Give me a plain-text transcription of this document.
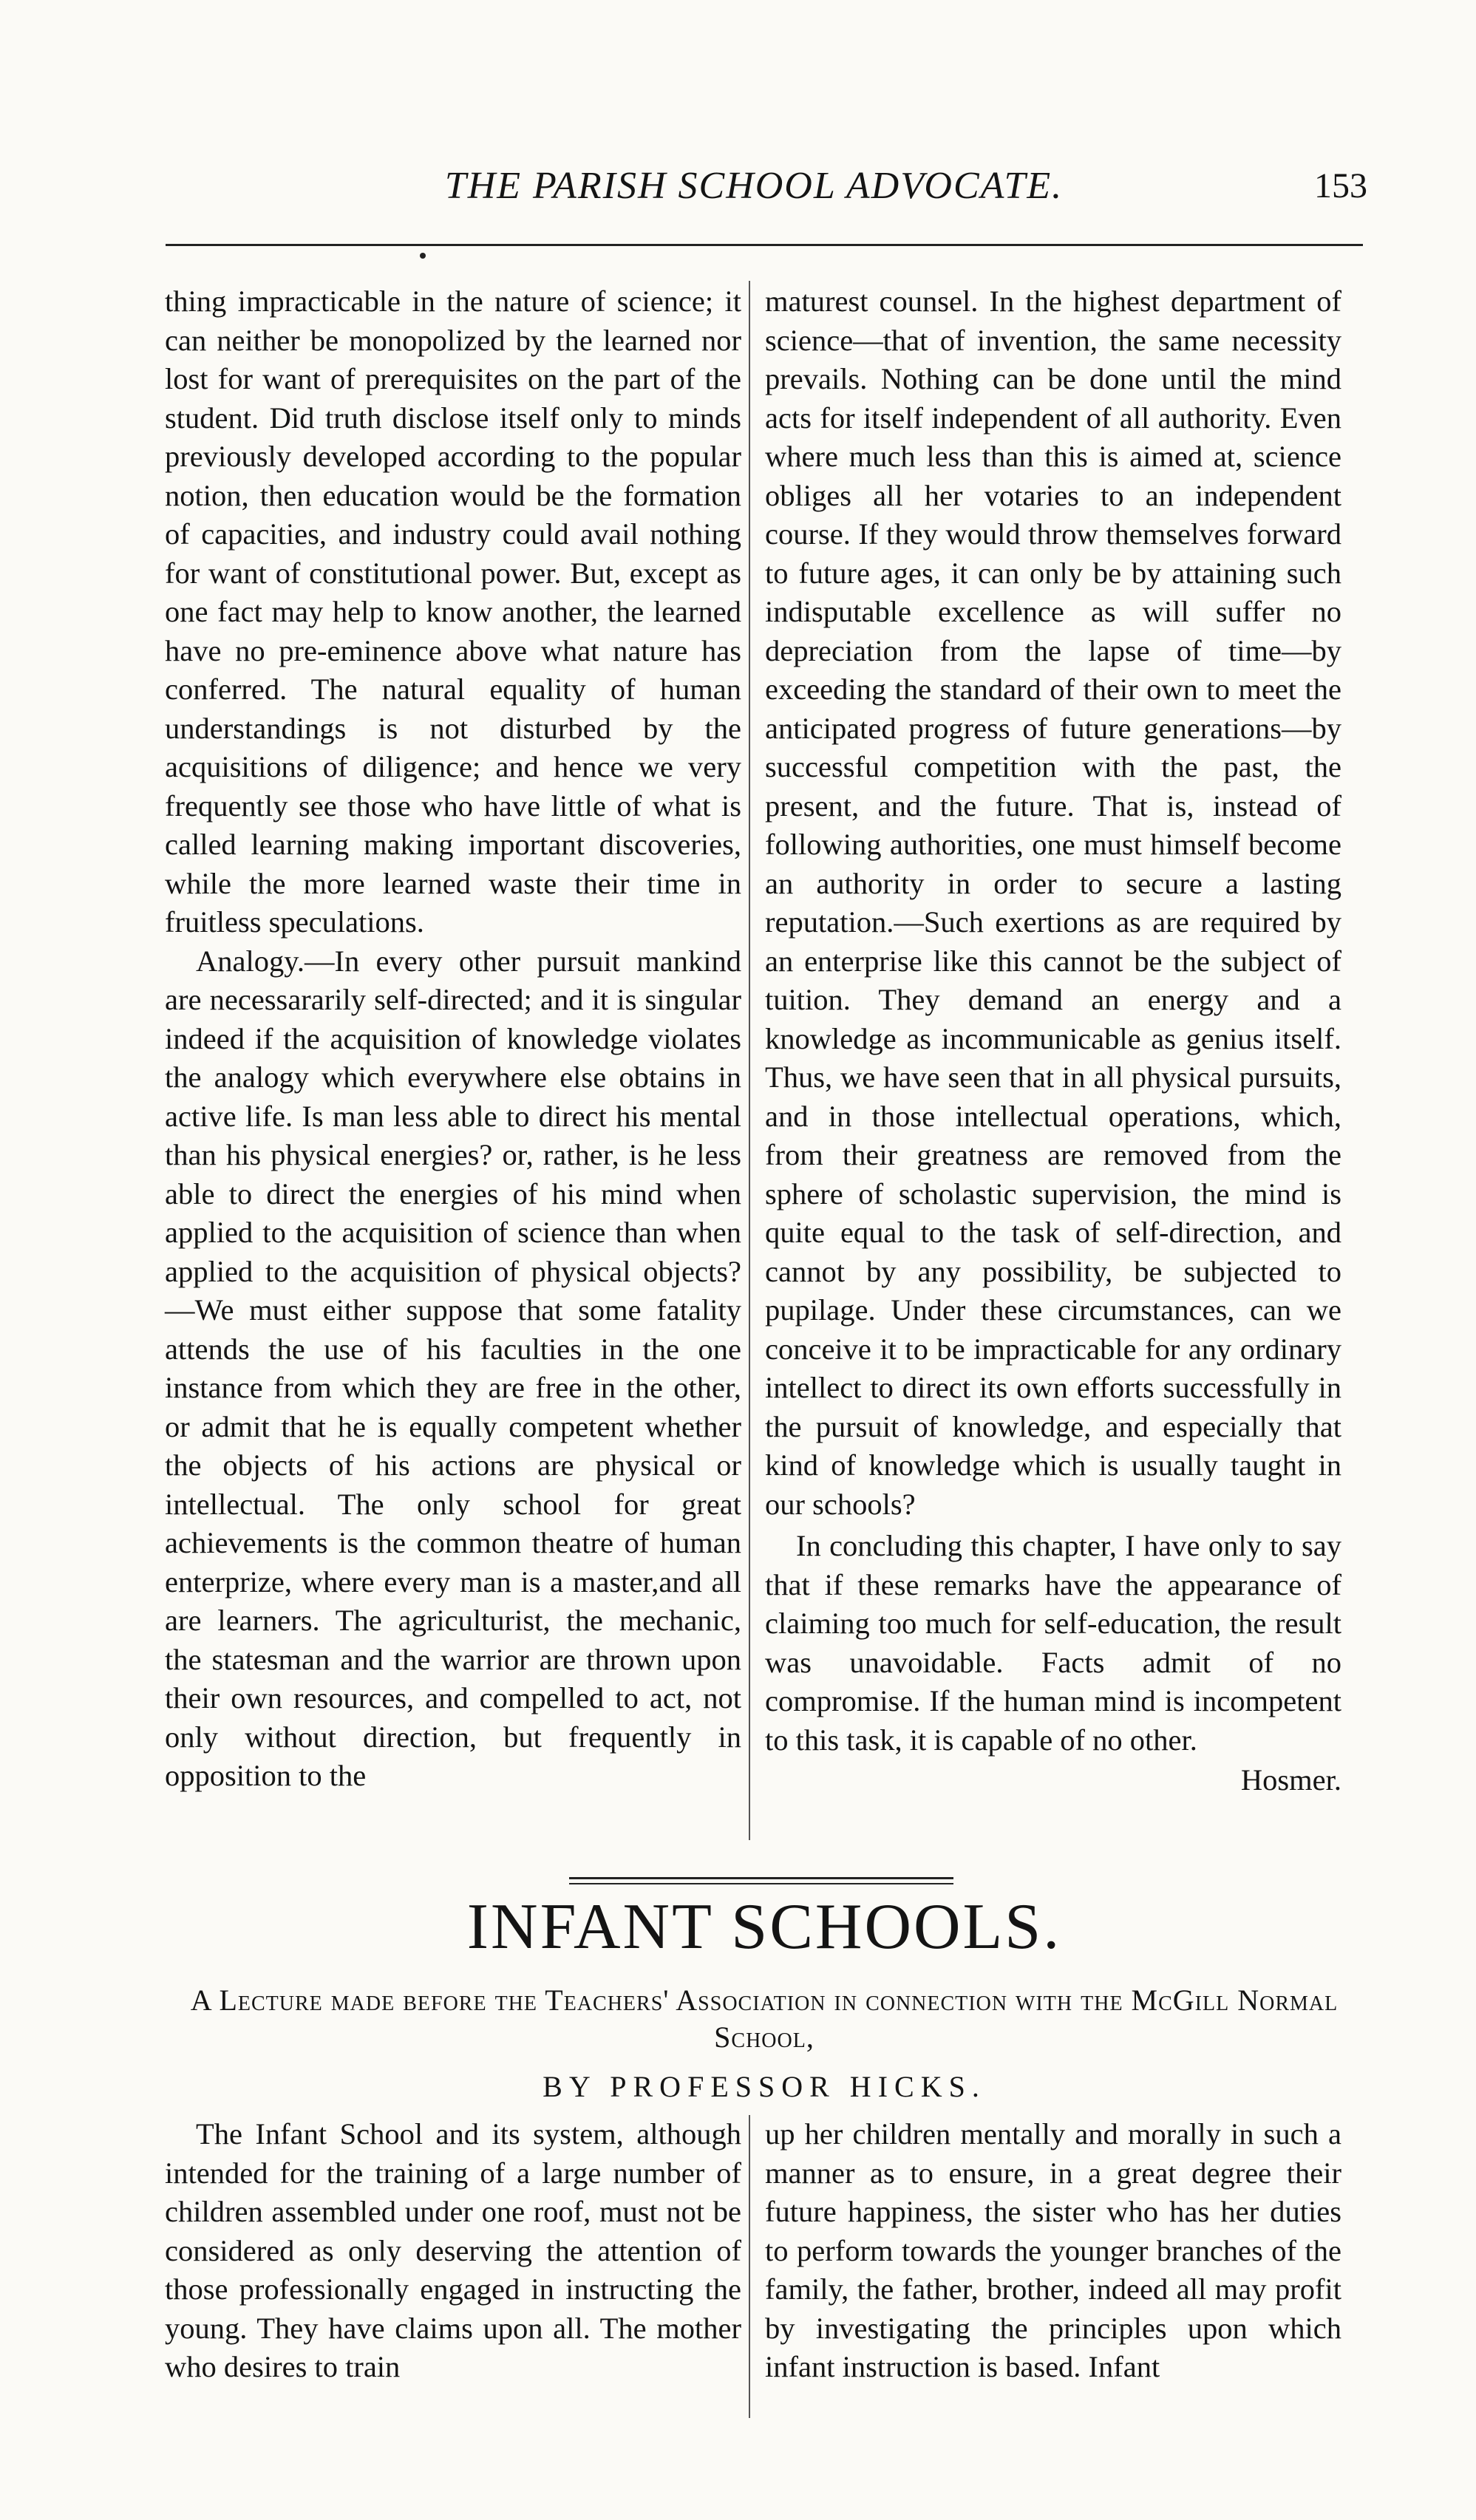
THE PARISH SCHOOL ADVOCATE.	153

thing impracticable in the nature of science; it can neither be monopolized by the learned nor lost for want of prerequisites on the part of the student. Did truth disclose itself only to minds previously developed according to the popular notion, then education would be the formation of capacities, and industry could avail nothing for want of constitutional power. But, except as one fact may help to know another, the learned have no pre-eminence above what nature has conferred. The natural equality of human understandings is not disturbed by the acquisitions of diligence; and hence we very frequently see those who have little of what is called learning making important discoveries, while the more learned waste their time in fruitless speculations.

Analogy.—In every other pursuit mankind are necessararily self-directed; and it is singular indeed if the acquisition of knowledge violates the analogy which everywhere else obtains in active life. Is man less able to direct his mental than his physical energies? or, rather, is he less able to direct the energies of his mind when applied to the acquisition of science than when applied to the acquisition of physical objects?—We must either suppose that some fatality attends the use of his faculties in the one instance from which they are free in the other, or admit that he is equally competent whether the objects of his actions are physical or intellectual. The only school for great achievements is the common theatre of human enterprize, where every man is a master,and all are learners. The agriculturist, the mechanic, the statesman and the warrior are thrown upon their own resources, and compelled to act, not only without direction, but frequently in opposition to the

maturest counsel. In the highest department of science—that of invention, the same necessity prevails. Nothing can be done until the mind acts for itself independent of all authority. Even where much less than this is aimed at, science obliges all her votaries to an independent course. If they would throw themselves forward to future ages, it can only be by attaining such indisputable excellence as will suffer no depreciation from the lapse of time—by exceeding the standard of their own to meet the anticipated progress of future generations—by successful competition with the past, the present, and the future. That is, instead of following authorities, one must himself become an authority in order to secure a lasting reputation.—Such exertions as are required by an enterprise like this cannot be the subject of tuition. They demand an energy and a knowledge as incommunicable as genius itself. Thus, we have seen that in all physical pursuits, and in those intellectual operations, which, from their greatness are removed from the sphere of scholastic supervision, the mind is quite equal to the task of self-direction, and cannot by any possibility, be subjected to pupilage. Under these circumstances, can we conceive it to be impracticable for any ordinary intellect to direct its own efforts successfully in the pursuit of knowledge, and especially that kind of knowledge which is usually taught in our schools?

In concluding this chapter, I have only to say that if these remarks have the appearance of claiming too much for self-education, the result was unavoidable. Facts admit of no compromise. If the human mind is incompetent to this task, it is capable of no other.

Hosmer.

INFANT SCHOOLS.
A Lecture made before the Teachers' Association in connection with the McGill Normal School,
BY PROFESSOR HICKS.

The Infant School and its system, although intended for the training of a large number of children assembled under one roof, must not be considered as only deserving the attention of those professionally engaged in instructing the young. They have claims upon all. The mother who desires to train

up her children mentally and morally in such a manner as to ensure, in a great degree their future happiness, the sister who has her duties to perform towards the younger branches of the family, the father, brother, indeed all may profit by investigating the principles upon which infant instruction is based. Infant
